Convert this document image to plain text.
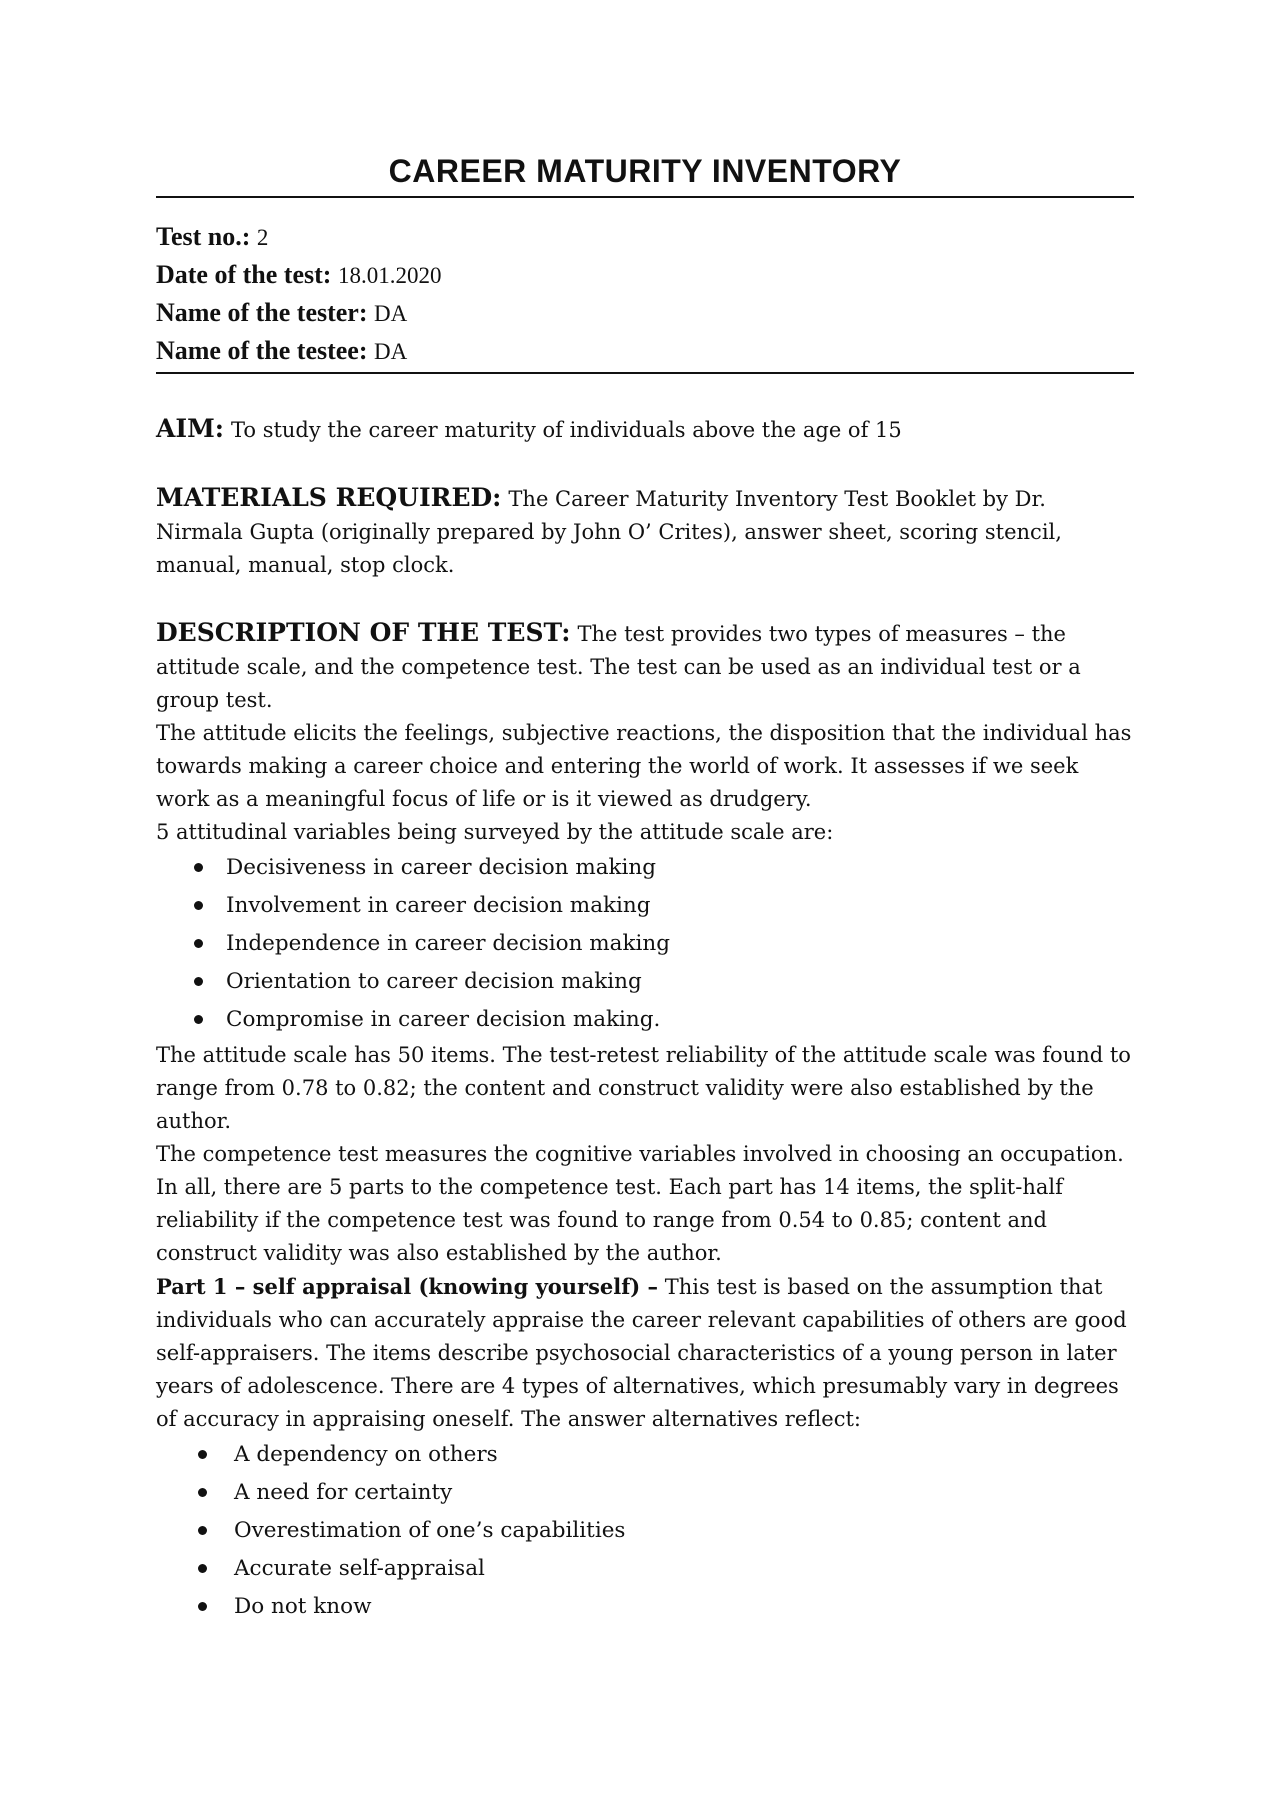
CAREER MATURITY INVENTORY
Test no.: 2
Date of the test: 18.01.2020
Name of the tester: DA
Name of the testee: DA

AIM: To study the career maturity of individuals above the age of 15

MATERIALS REQUIRED: The Career Maturity Inventory Test Booklet by Dr. Nirmala Gupta (originally prepared by John O’ Crites), answer sheet, scoring stencil, manual, manual, stop clock.

DESCRIPTION OF THE TEST: The test provides two types of measures – the attitude scale, and the competence test. The test can be used as an individual test or a group test.

The attitude elicits the feelings, subjective reactions, the disposition that the individual has towards making a career choice and entering the world of work. It assesses if we seek work as a meaningful focus of life or is it viewed as drudgery.

5 attitudinal variables being surveyed by the attitude scale are:

Decisiveness in career decision making
Involvement in career decision making
Independence in career decision making
Orientation to career decision making
Compromise in career decision making.

The attitude scale has 50 items. The test-retest reliability of the attitude scale was found to range from 0.78 to 0.82; the content and construct validity were also established by the author.

The competence test measures the cognitive variables involved in choosing an occupation. In all, there are 5 parts to the competence test. Each part has 14 items, the split-half reliability if the competence test was found to range from 0.54 to 0.85; content and construct validity was also established by the author.

Part 1 – self appraisal (knowing yourself) – This test is based on the assumption that individuals who can accurately appraise the career relevant capabilities of others are good self-appraisers. The items describe psychosocial characteristics of a young person in later years of adolescence. There are 4 types of alternatives, which presumably vary in degrees of accuracy in appraising oneself. The answer alternatives reflect:

A dependency on others
A need for certainty
Overestimation of one’s capabilities
Accurate self-appraisal
Do not know
